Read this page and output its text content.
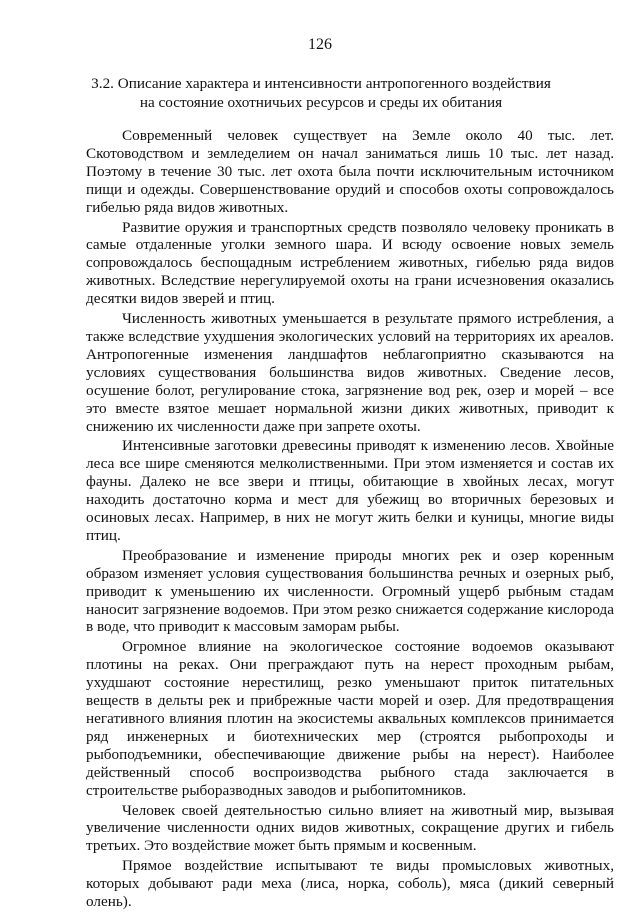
126
3.2. Описание характера и интенсивности антропогенного воздействия
на состояние охотничьих ресурсов и среды их обитания

Современный человек существует на Земле около 40 тыс. лет. Скотоводством и земледелием он начал заниматься лишь 10 тыс. лет назад. Поэтому в течение 30 тыс. лет охота была почти исключительным источником пищи и одежды. Совершенствование орудий и способов охоты сопровождалось гибелью ряда видов животных.

Развитие оружия и транспортных средств позволяло человеку проникать в самые отдаленные уголки земного шара. И всюду освоение новых земель сопровождалось беспощадным истреблением животных, гибелью ряда видов животных. Вследствие нерегулируемой охоты на грани исчезновения оказались десятки видов зверей и птиц.

Численность животных уменьшается в результате прямого истребления, а также вследствие ухудшения экологических условий на территориях их ареалов. Антропогенные изменения ландшафтов неблагоприятно сказываются на условиях существования большинства видов животных. Сведение лесов, осушение болот, регулирование стока, загрязнение вод рек, озер и морей – все это вместе взятое мешает нормальной жизни диких животных, приводит к снижению их численности даже при запрете охоты.

Интенсивные заготовки древесины приводят к изменению лесов. Хвойные леса все шире сменяются мелколиственными. При этом изменяется и состав их фауны. Далеко не все звери и птицы, обитающие в хвойных лесах, могут находить достаточно корма и мест для убежищ во вторичных березовых и осиновых лесах. Например, в них не могут жить белки и куницы, многие виды птиц.

Преобразование и изменение природы многих рек и озер коренным образом изменяет условия существования большинства речных и озерных рыб, приводит к уменьшению их численности. Огромный ущерб рыбным стадам наносит загрязнение водоемов. При этом резко снижается содержание кислорода в воде, что приводит к массовым заморам рыбы.

Огромное влияние на экологическое состояние водоемов оказывают плотины на реках. Они преграждают путь на нерест проходным рыбам, ухудшают состояние нерестилищ, резко уменьшают приток питательных веществ в дельты рек и прибрежные части морей и озер. Для предотвращения негативного влияния плотин на экосистемы аквальных комплексов принимается ряд инженерных и биотехнических мер (строятся рыбопроходы и рыбоподъемники, обеспечивающие движение рыбы на нерест). Наиболее действенный способ воспроизводства рыбного стада заключается в строительстве рыборазводных заводов и рыбопитомников.

Человек своей деятельностью сильно влияет на животный мир, вызывая увеличение численности одних видов животных, сокращение других и гибель третьих. Это воздействие может быть прямым и косвенным.

Прямое воздействие испытывают те виды промысловых животных, которых добывают ради меха (лиса, норка, соболь), мяса (дикий северный олень).
